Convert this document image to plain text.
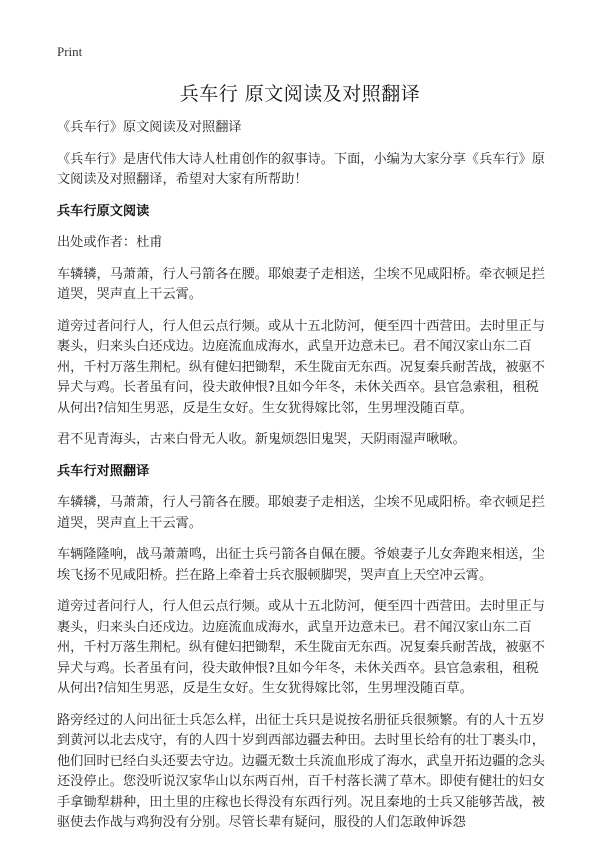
Print
兵车行 原文阅读及对照翻译

《兵车行》原文阅读及对照翻译

《兵车行》是唐代伟大诗人杜甫创作的叙事诗。下面，小编为大家分享《兵车行》原文阅读及对照翻译，希望对大家有所帮助！

兵车行原文阅读

出处或作者：杜甫

车辚辚，马萧萧，行人弓箭各在腰。耶娘妻子走相送，尘埃不见咸阳桥。牵衣顿足拦道哭，哭声直上干云霄。

道旁过者问行人，行人但云点行频。或从十五北防河，便至四十西营田。去时里正与裹头，归来头白还戍边。边庭流血成海水，武皇开边意未已。君不闻汉家山东二百州，千村万落生荆杞。纵有健妇把锄犁，禾生陇亩无东西。况复秦兵耐苦战，被驱不异犬与鸡。长者虽有问，役夫敢伸恨?且如今年冬，未休关西卒。县官急索租，租税从何出?信知生男恶，反是生女好。生女犹得嫁比邻，生男埋没随百草。

君不见青海头，古来白骨无人收。新鬼烦怨旧鬼哭，天阴雨湿声啾啾。

兵车行对照翻译

车辚辚，马萧萧，行人弓箭各在腰。耶娘妻子走相送，尘埃不见咸阳桥。牵衣顿足拦道哭，哭声直上干云霄。

车辆隆隆响，战马萧萧鸣，出征士兵弓箭各自佩在腰。爷娘妻子儿女奔跑来相送，尘埃飞扬不见咸阳桥。拦在路上牵着士兵衣服顿脚哭，哭声直上天空冲云霄。

道旁过者问行人，行人但云点行频。或从十五北防河，便至四十西营田。去时里正与裹头，归来头白还戍边。边庭流血成海水，武皇开边意未已。君不闻汉家山东二百州，千村万落生荆杞。纵有健妇把锄犁，禾生陇亩无东西。况复秦兵耐苦战，被驱不异犬与鸡。长者虽有问，役夫敢伸恨?且如今年冬，未休关西卒。县官急索租，租税从何出?信知生男恶，反是生女好。生女犹得嫁比邻，生男埋没随百草。

路旁经过的人问出征士兵怎么样，出征士兵只是说按名册征兵很频繁。有的人十五岁到黄河以北去戍守，有的人四十岁到西部边疆去种田。去时里长给有的壮丁裹头巾，他们回时已经白头还要去守边。边疆无数士兵流血形成了海水，武皇开拓边疆的念头还没停止。您没听说汉家华山以东两百州，百千村落长满了草木。即使有健壮的妇女手拿锄犁耕种，田土里的庄稼也长得没有东西行列。况且秦地的士兵又能够苦战，被驱使去作战与鸡狗没有分别。尽管长辈有疑问，服役的人们怎敢伸诉怨
